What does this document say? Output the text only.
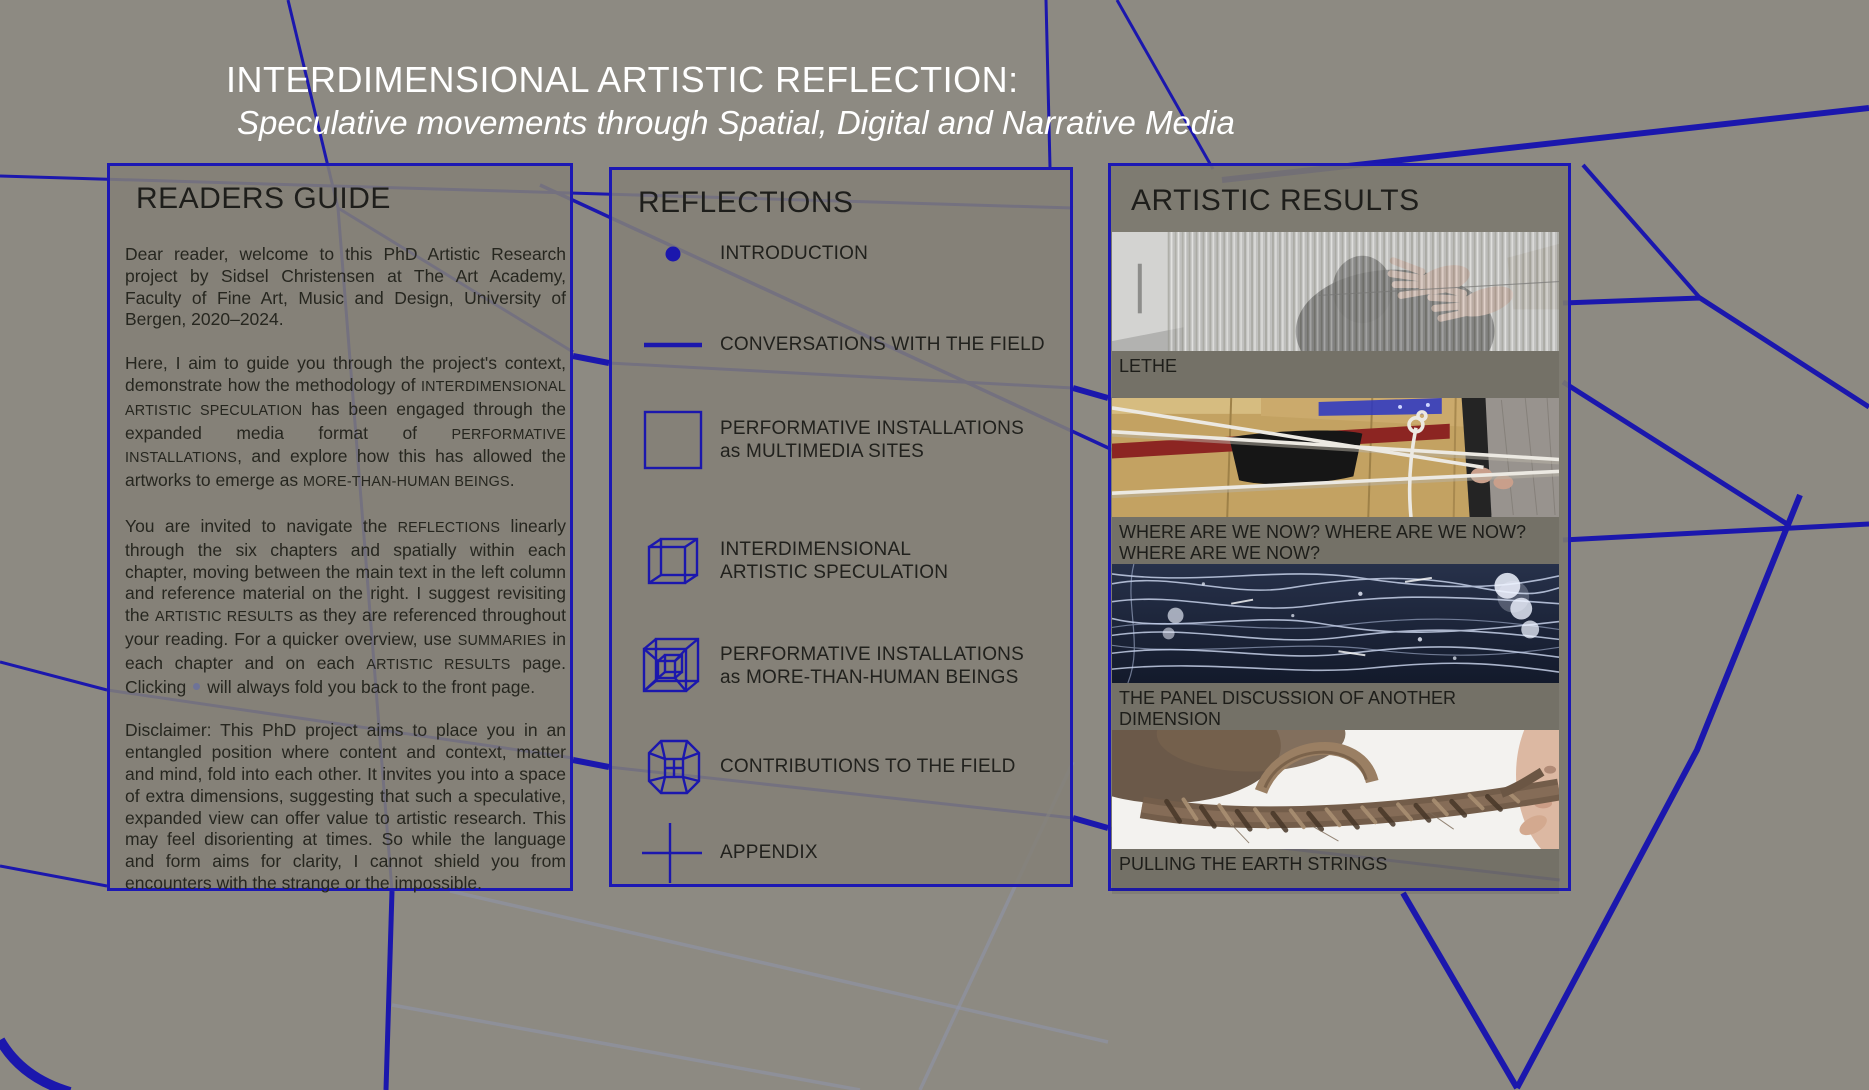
INTERDIMENSIONAL ARTISTIC REFLECTION:
Speculative movements through Spatial, Digital and Narrative Media
READERS GUIDE

Dear reader, welcome to this PhD Artistic Research project by Sidsel Christensen at The Art Academy, Faculty of Fine Art, Music and Design, University of Bergen, 2020–2024.

Here, I aim to guide you through the project's context, demonstrate how the methodology of INTERDIMENSIONAL ARTISTIC SPECULATION has been engaged through the expanded media format of PERFORMATIVE INSTALLATIONS, and explore how this has allowed the artworks to emerge as MORE-THAN-HUMAN BEINGS.

You are invited to navigate the REFLECTIONS linearly through the six chapters and spatially within each chapter, moving between the main text in the left column and reference material on the right. I suggest revisiting the ARTISTIC RESULTS as they are referenced throughout your reading. For a quicker overview, use SUMMARIES in each chapter and on each ARTISTIC RESULTS page. Clicking will always fold you back to the front page.

Disclaimer: This PhD project aims to place you in an entangled position where content and context, matter and mind, fold into each other. It invites you into a space of extra dimensions, suggesting that such a speculative, expanded view can offer value to artistic research. This may feel disorienting at times. So while the language and form aims for clarity, I cannot shield you from encounters with the strange or the impossible.

REFLECTIONS
INTRODUCTION

CONVERSATIONS WITH THE FIELD

PERFORMATIVE INSTALLATIONS
as MULTIMEDIA SITES
INTERDIMENSIONAL
ARTISTIC SPECULATION
PERFORMATIVE INSTALLATIONS
as MORE-THAN-HUMAN BEINGS
CONTRIBUTIONS TO THE FIELD

APPENDIX

ARTISTIC RESULTS
LETHE
WHERE ARE WE NOW? WHERE ARE WE NOW? WHERE ARE WE NOW?
THE PANEL DISCUSSION OF ANOTHER DIMENSION
PULLING THE EARTH STRINGS
